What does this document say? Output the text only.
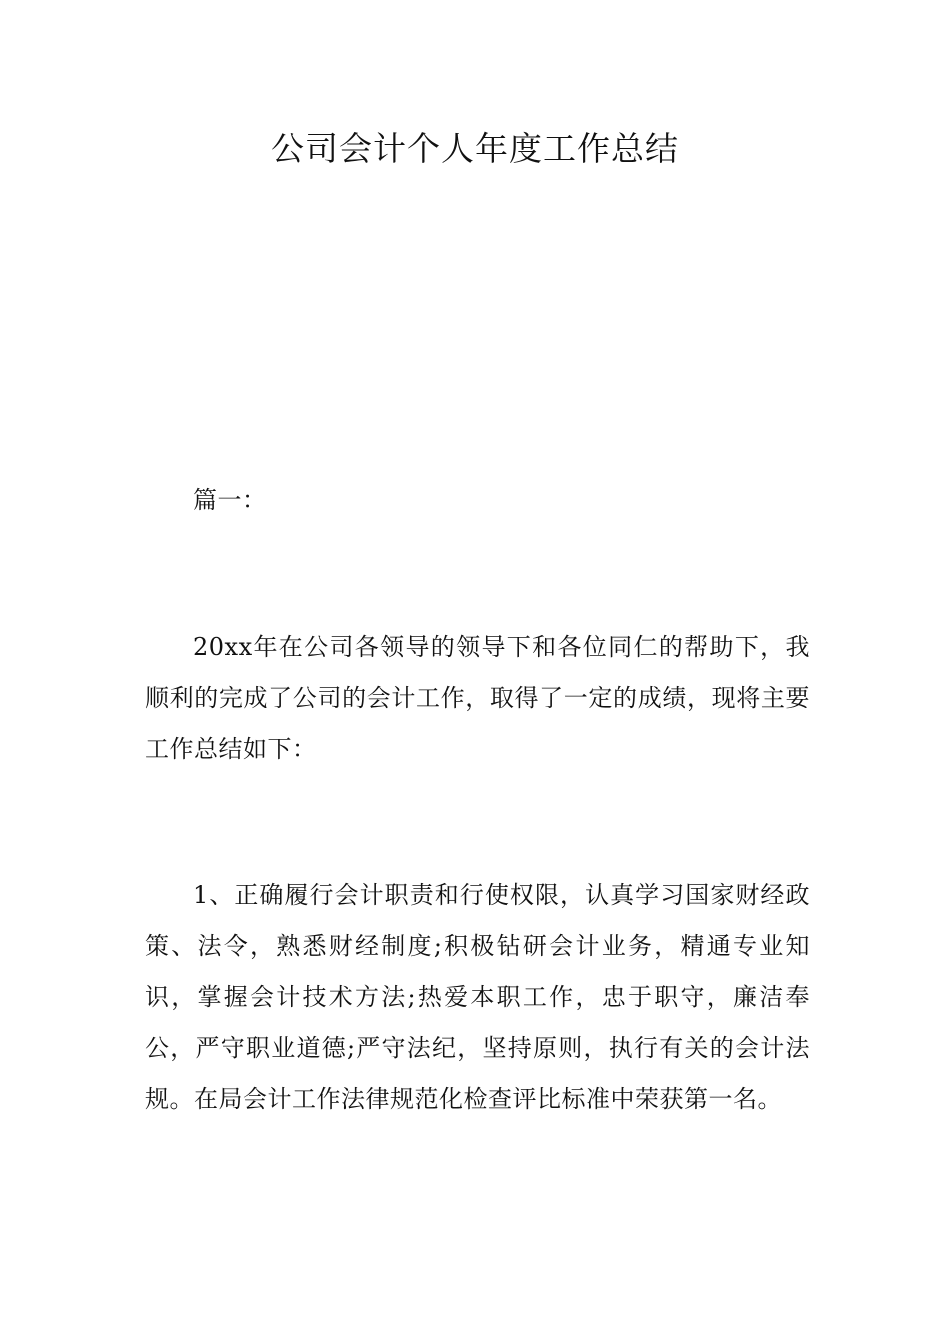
公司会计个人年度工作总结

篇一：

20xx年在公司各领导的领导下和各位同仁的帮助下，我顺利的完成了公司的会计工作，取得了一定的成绩，现将主要工作总结如下：

1、正确履行会计职责和行使权限，认真学习国家财经政策、法令，熟悉财经制度;积极钻研会计业务，精通专业知识，掌握会计技术方法;热爱本职工作，忠于职守，廉洁奉公，严守职业道德;严守法纪，坚持原则，执行有关的会计法规。在局会计工作法律规范化检查评比标准中荣获第一名。
